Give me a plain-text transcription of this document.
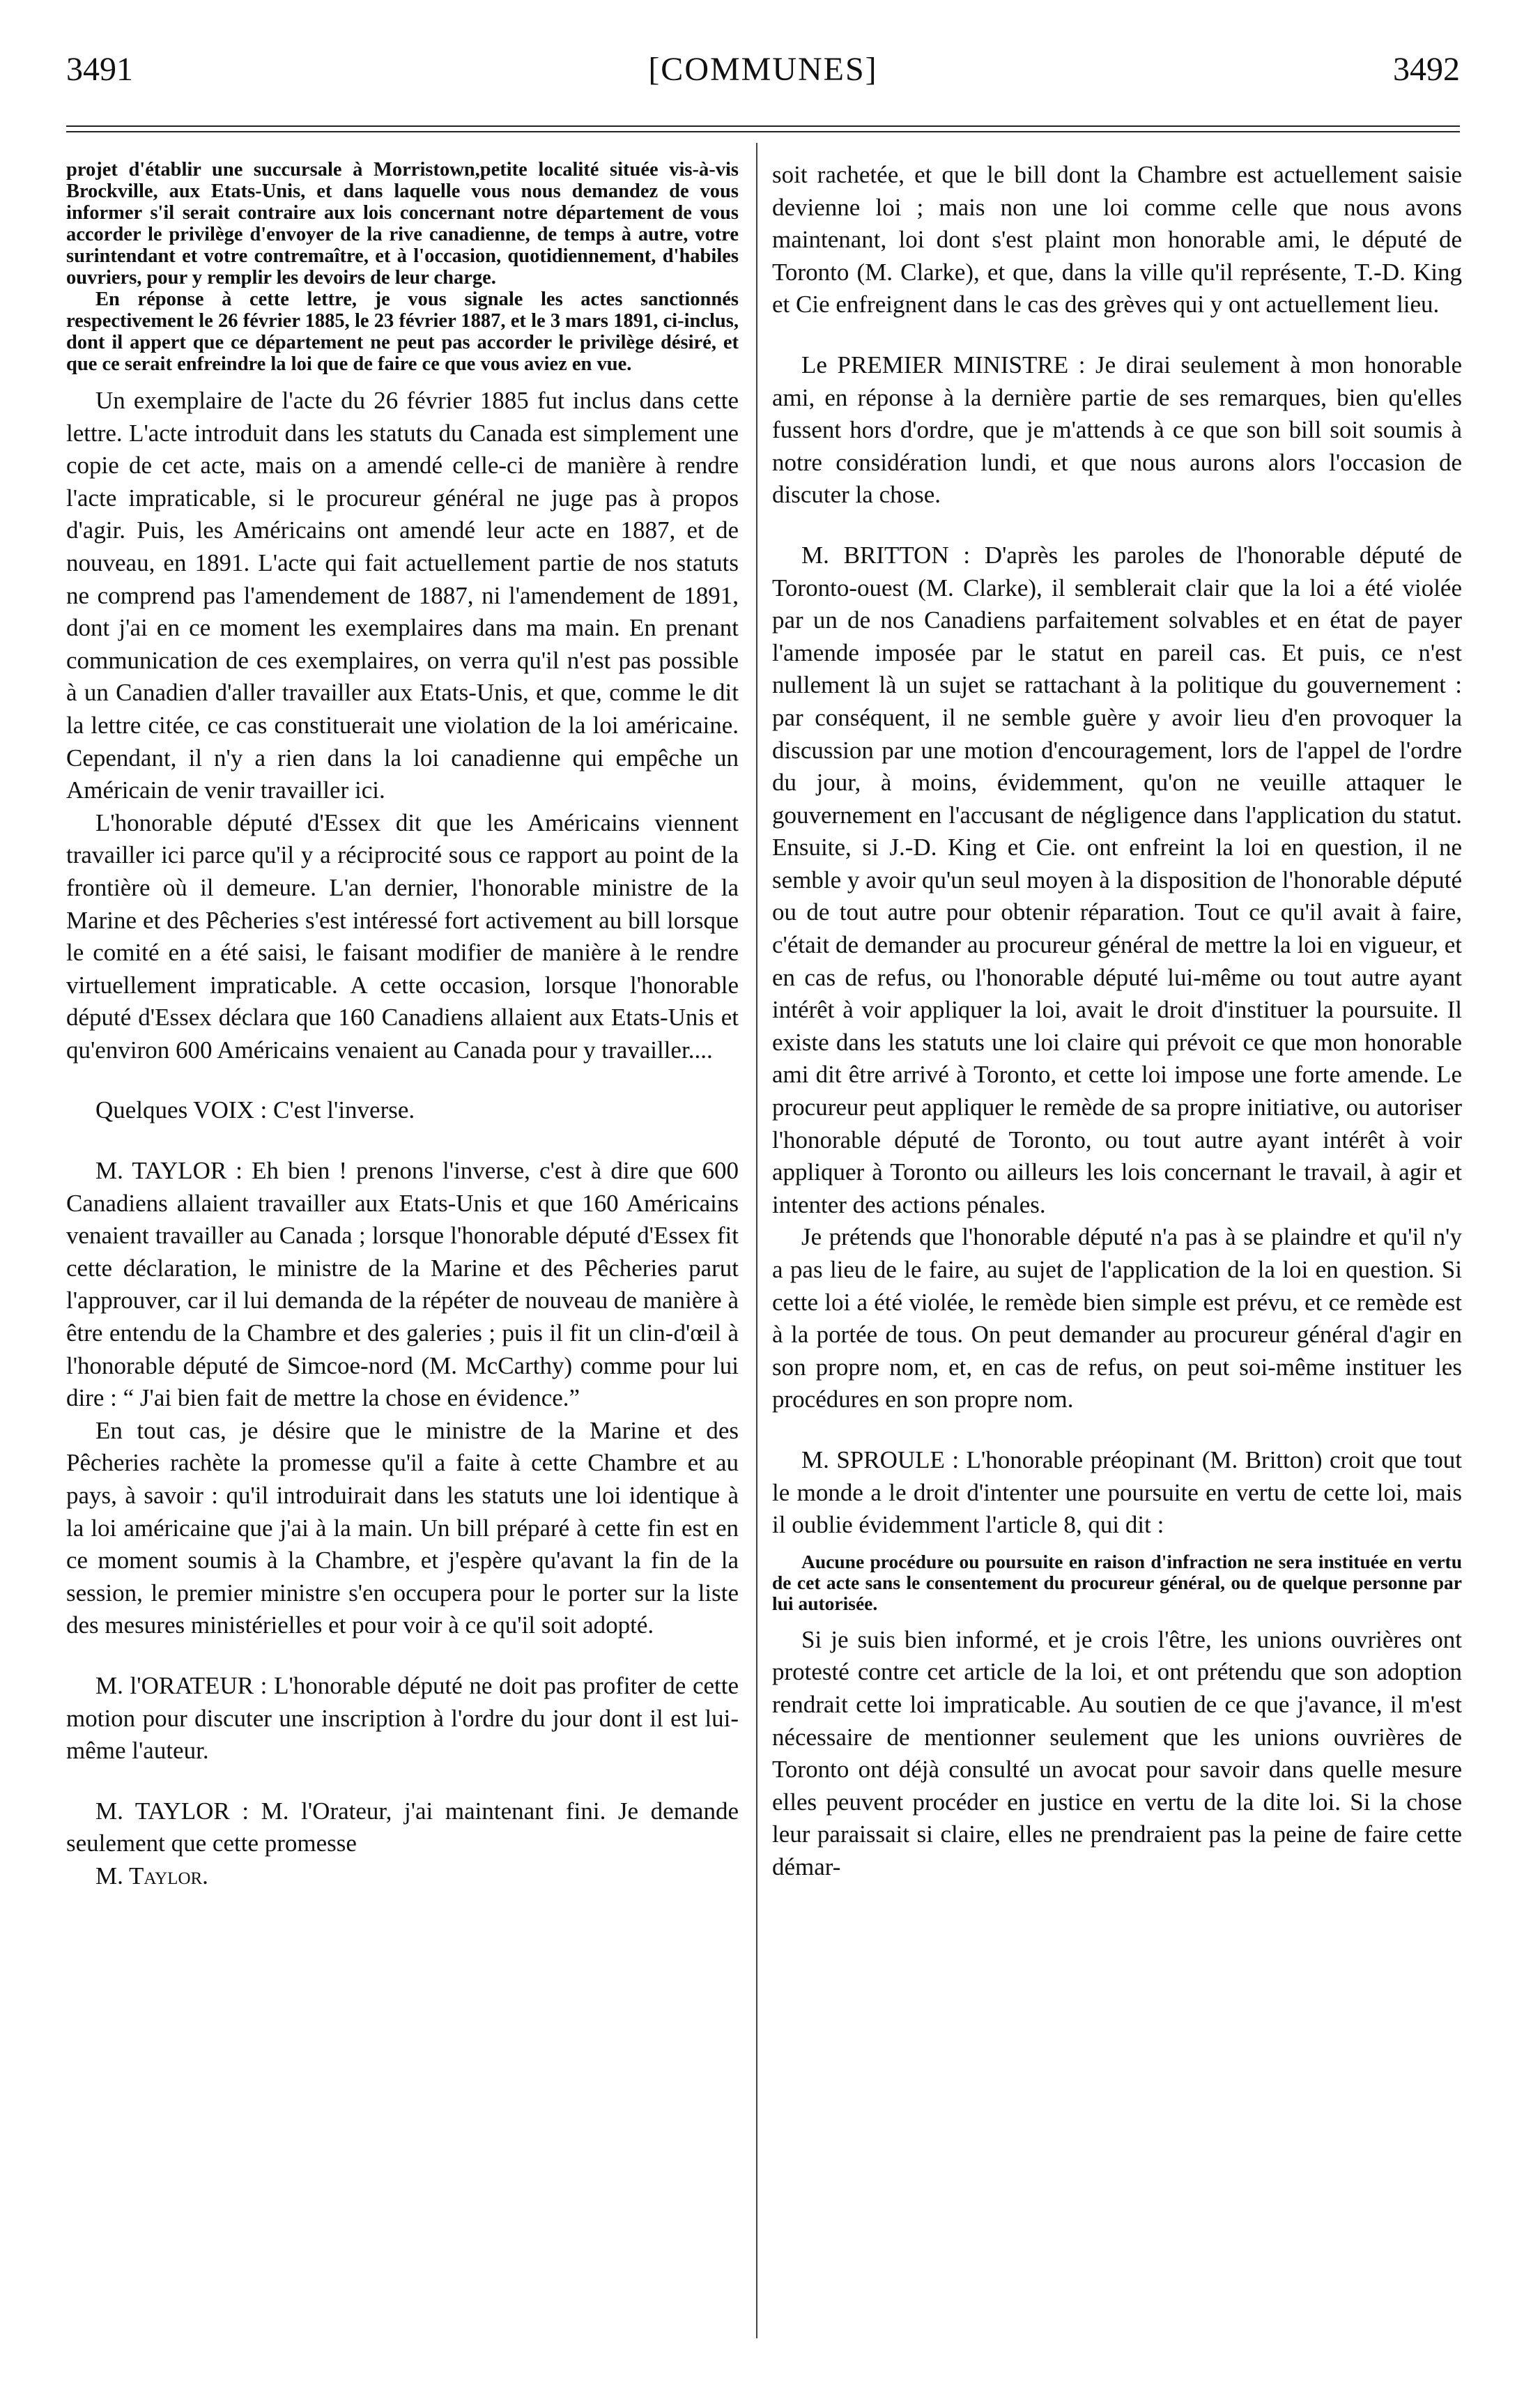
3491	[COMMUNES]	3492

projet d'établir une succursale à Morristown,petite localité située vis-à-vis Brockville, aux Etats-Unis, et dans laquelle vous nous demandez de vous informer s'il serait contraire aux lois concernant notre département de vous accorder le privilège d'envoyer de la rive canadienne, de temps à autre, votre surintendant et votre contremaître, et à l'occasion, quotidiennement, d'habiles ouvriers, pour y remplir les devoirs de leur charge.

En réponse à cette lettre, je vous signale les actes sanctionnés respectivement le 26 février 1885, le 23 février 1887, et le 3 mars 1891, ci-inclus, dont il appert que ce département ne peut pas accorder le privilège désiré, et que ce serait enfreindre la loi que de faire ce que vous aviez en vue.

Un exemplaire de l'acte du 26 février 1885 fut inclus dans cette lettre. L'acte introduit dans les statuts du Canada est simplement une copie de cet acte, mais on a amendé celle-ci de manière à rendre l'acte impraticable, si le procureur général ne juge pas à propos d'agir. Puis, les Américains ont amendé leur acte en 1887, et de nouveau, en 1891. L'acte qui fait actuellement partie de nos statuts ne comprend pas l'amendement de 1887, ni l'amendement de 1891, dont j'ai en ce moment les exemplaires dans ma main. En prenant communication de ces exemplaires, on verra qu'il n'est pas possible à un Canadien d'aller travailler aux Etats-Unis, et que, comme le dit la lettre citée, ce cas constituerait une violation de la loi américaine. Cependant, il n'y a rien dans la loi canadienne qui empêche un Américain de venir travailler ici.

L'honorable député d'Essex dit que les Américains viennent travailler ici parce qu'il y a réciprocité sous ce rapport au point de la frontière où il demeure. L'an dernier, l'honorable ministre de la Marine et des Pêcheries s'est intéressé fort activement au bill lorsque le comité en a été saisi, le faisant modifier de manière à le rendre virtuellement impraticable. A cette occasion, lorsque l'honorable député d'Essex déclara que 160 Canadiens allaient aux Etats-Unis et qu'environ 600 Américains venaient au Canada pour y travailler....

Quelques VOIX : C'est l'inverse.

M. TAYLOR : Eh bien ! prenons l'inverse, c'est à dire que 600 Canadiens allaient travailler aux Etats-Unis et que 160 Américains venaient travailler au Canada ; lorsque l'honorable député d'Essex fit cette déclaration, le ministre de la Marine et des Pêcheries parut l'approuver, car il lui demanda de la répéter de nouveau de manière à être entendu de la Chambre et des galeries ; puis il fit un clin-d'œil à l'honorable député de Simcoe-nord (M. McCarthy) comme pour lui dire : “ J'ai bien fait de mettre la chose en évidence.”

En tout cas, je désire que le ministre de la Marine et des Pêcheries rachète la promesse qu'il a faite à cette Chambre et au pays, à savoir : qu'il introduirait dans les statuts une loi identique à la loi américaine que j'ai à la main. Un bill préparé à cette fin est en ce moment soumis à la Chambre, et j'espère qu'avant la fin de la session, le premier ministre s'en occupera pour le porter sur la liste des mesures ministérielles et pour voir à ce qu'il soit adopté.

M. l'ORATEUR : L'honorable député ne doit pas profiter de cette motion pour discuter une inscription à l'ordre du jour dont il est lui-même l'auteur.

M. TAYLOR : M. l'Orateur, j'ai maintenant fini. Je demande seulement que cette promesse

M. Taylor.

soit rachetée, et que le bill dont la Chambre est actuellement saisie devienne loi ; mais non une loi comme celle que nous avons maintenant, loi dont s'est plaint mon honorable ami, le député de Toronto (M. Clarke), et que, dans la ville qu'il représente, T.-D. King et Cie enfreignent dans le cas des grèves qui y ont actuellement lieu.

Le PREMIER MINISTRE : Je dirai seulement à mon honorable ami, en réponse à la dernière partie de ses remarques, bien qu'elles fussent hors d'ordre, que je m'attends à ce que son bill soit soumis à notre considération lundi, et que nous aurons alors l'occasion de discuter la chose.

M. BRITTON : D'après les paroles de l'honorable député de Toronto-ouest (M. Clarke), il semblerait clair que la loi a été violée par un de nos Canadiens parfaitement solvables et en état de payer l'amende imposée par le statut en pareil cas. Et puis, ce n'est nullement là un sujet se rattachant à la politique du gouvernement : par conséquent, il ne semble guère y avoir lieu d'en provoquer la discussion par une motion d'encouragement, lors de l'appel de l'ordre du jour, à moins, évidemment, qu'on ne veuille attaquer le gouvernement en l'accusant de négligence dans l'application du statut. Ensuite, si J.-D. King et Cie. ont enfreint la loi en question, il ne semble y avoir qu'un seul moyen à la disposition de l'honorable député ou de tout autre pour obtenir réparation. Tout ce qu'il avait à faire, c'était de demander au procureur général de mettre la loi en vigueur, et en cas de refus, ou l'honorable député lui-même ou tout autre ayant intérêt à voir appliquer la loi, avait le droit d'instituer la poursuite. Il existe dans les statuts une loi claire qui prévoit ce que mon honorable ami dit être arrivé à Toronto, et cette loi impose une forte amende. Le procureur peut appliquer le remède de sa propre initiative, ou autoriser l'honorable député de Toronto, ou tout autre ayant intérêt à voir appliquer à Toronto ou ailleurs les lois concernant le travail, à agir et intenter des actions pénales.

Je prétends que l'honorable député n'a pas à se plaindre et qu'il n'y a pas lieu de le faire, au sujet de l'application de la loi en question. Si cette loi a été violée, le remède bien simple est prévu, et ce remède est à la portée de tous. On peut demander au procureur général d'agir en son propre nom, et, en cas de refus, on peut soi-même instituer les procédures en son propre nom.

M. SPROULE : L'honorable préopinant (M. Britton) croit que tout le monde a le droit d'intenter une poursuite en vertu de cette loi, mais il oublie évidemment l'article 8, qui dit :

Aucune procédure ou poursuite en raison d'infraction ne sera instituée en vertu de cet acte sans le consentement du procureur général, ou de quelque personne par lui autorisée.

Si je suis bien informé, et je crois l'être, les unions ouvrières ont protesté contre cet article de la loi, et ont prétendu que son adoption rendrait cette loi impraticable. Au soutien de ce que j'avance, il m'est nécessaire de mentionner seulement que les unions ouvrières de Toronto ont déjà consulté un avocat pour savoir dans quelle mesure elles peuvent procéder en justice en vertu de la dite loi. Si la chose leur paraissait si claire, elles ne prendraient pas la peine de faire cette démar-
